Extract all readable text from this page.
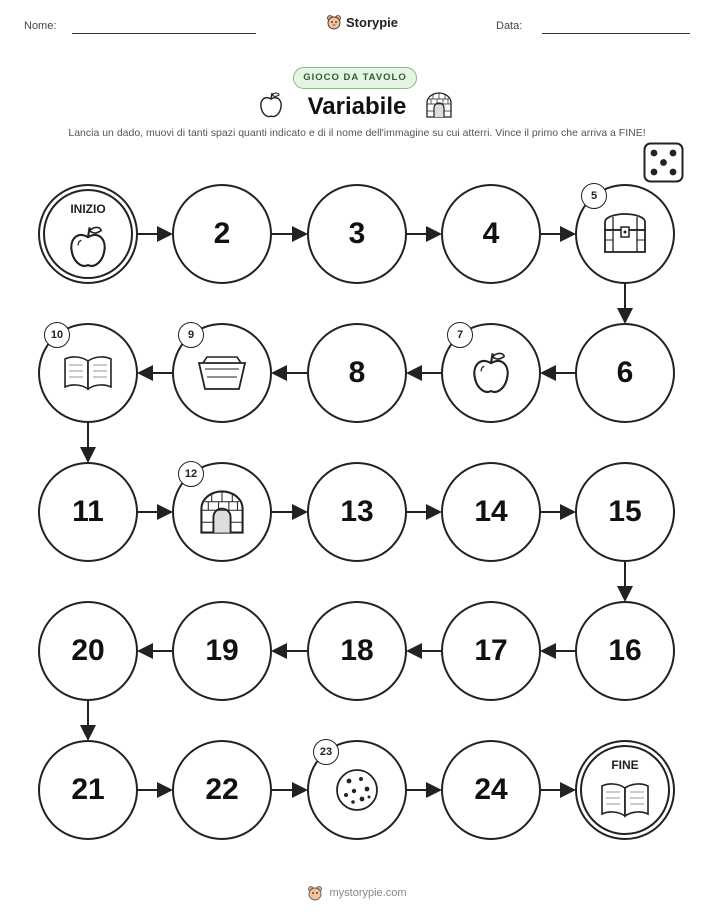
Nome:	Storypie	Data:
GIOCO DA TAVOLO
Variabile
Lancia un dado, muovi di tanti spazi quanti indicato e di il nome dell'immagine su cui atterri. Vince il primo che arriva a FINE!
INIZIO
2	3	4
5
6
7
8
9
10
11
12
13	14	15
16
17
18
19
20
21	22
23
24
FINE
mystorypie.com
